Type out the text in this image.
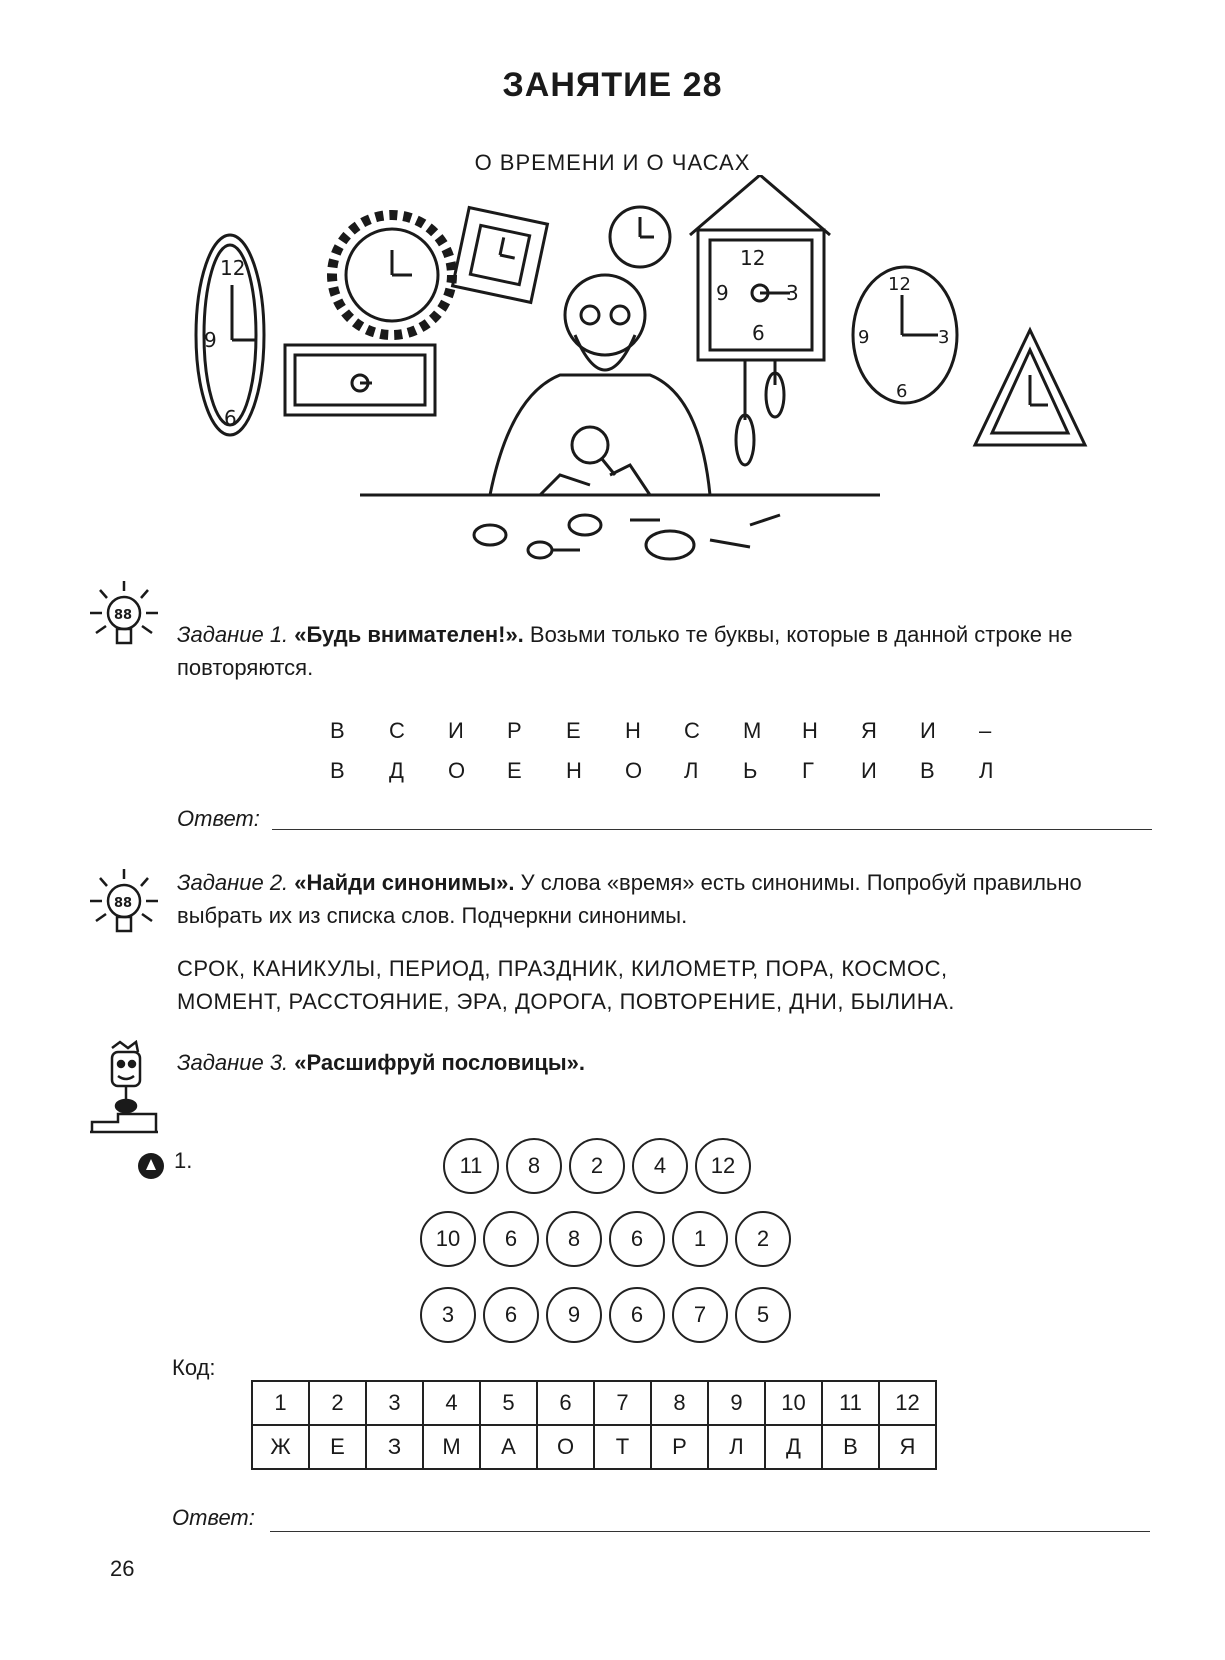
ЗАНЯТИЕ 28
О ВРЕМЕНИ И О ЧАСАХ
12
9
6
12
9	3
6
12
9	3
6
88
Задание 1. «Будь внимателен!». Возьми только те буквы, которые в данной строке не повторяются.
В С И Р Е Н С М Н Я И –
В Д О Е Н О Л Ь Г И В Л
Ответ:
88
Задание 2. «Найди синонимы». У слова «время» есть синонимы. Попробуй правильно выбрать их из списка слов. Подчеркни синонимы.
СРОК, КАНИКУЛЫ, ПЕРИОД, ПРАЗДНИК, КИЛОМЕТР, ПОРА, КОСМОС,
МОМЕНТ, РАССТОЯНИЕ, ЭРА, ДОРОГА, ПОВТОРЕНИЕ, ДНИ, БЫЛИНА.
Задание 3. «Расшифруй пословицы».
1.	11	8	2	4	12
10	6	8	6	1	2
3	6	9	6	7	5
Код:
1	2	3	4	5	6	7	8	9	10	11	12
Ж	Е	З	М	А	О	Т	Р	Л	Д	В	Я
Ответ:
26
